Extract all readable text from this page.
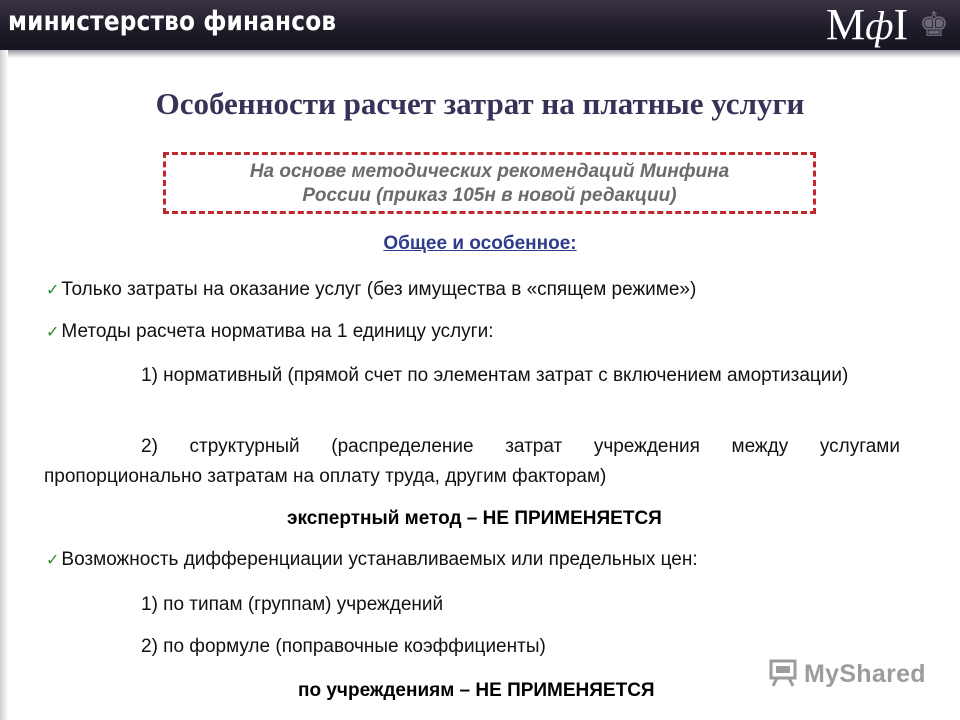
министерство финансов	МфI ♚
Особенности расчет затрат на платные услуги
На основе методических рекомендаций Минфина
России (приказ 105н в новой редакции)
Общее и особенное:
✓ Только затраты на оказание услуг (без имущества в «спящем режиме»)
✓ Методы расчета норматива на 1 единицу услуги:
1) нормативный (прямой счет по элементам затрат с включением амортизации)
2) структурный (распределение затрат учреждения между услугами пропорционально затратам на оплату труда, другим факторам)
экспертный метод – НЕ ПРИМЕНЯЕТСЯ
✓ Возможность дифференциации устанавливаемых или предельных цен:
1) по типам (группам) учреждений
2) по формуле (поправочные коэффициенты)
по учреждениям – НЕ ПРИМЕНЯЕТСЯ
MyShared
